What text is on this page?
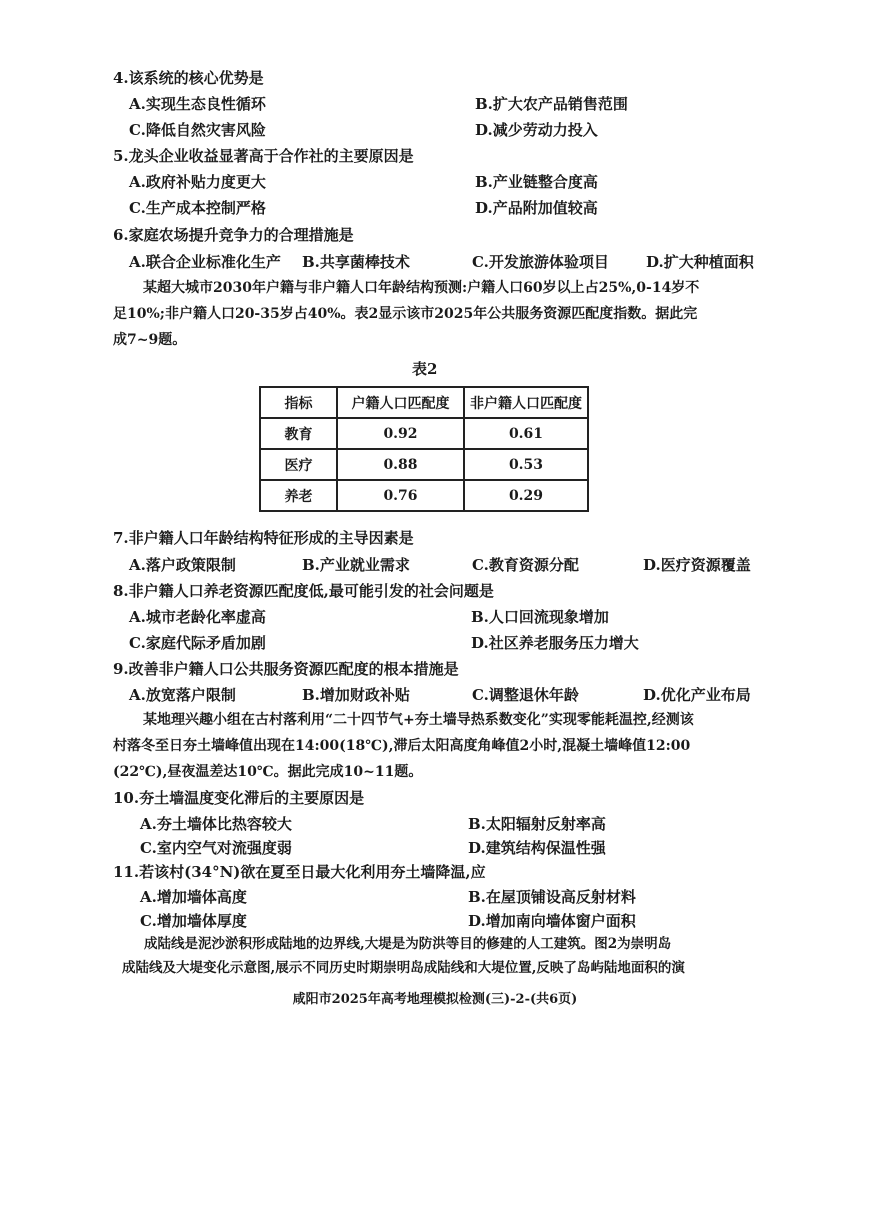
4.该系统的核心优势是
A.实现生态良性循环	B.扩大农产品销售范围
C.降低自然灾害风险	D.减少劳动力投入
5.龙头企业收益显著高于合作社的主要原因是
A.政府补贴力度更大	B.产业链整合度高
C.生产成本控制严格	D.产品附加值较高
6.家庭农场提升竞争力的合理措施是
A.联合企业标准化生产 B.共享菌棒技术	C.开发旅游体验项目 D.扩大种植面积

某超大城市2030年户籍与非户籍人口年龄结构预测:户籍人口60岁以上占25%,0-14岁不

足10%;非户籍人口20-35岁占40%。表2显示该市2025年公共服务资源匹配度指数。据此完

成7~9题。

表2
指标	户籍人口匹配度	非户籍人口匹配度
教育	0.92	0.61
医疗	0.88	0.53
养老	0.76	0.29
7.非户籍人口年龄结构特征形成的主导因素是
A.落户政策限制	B.产业就业需求	C.教育资源分配	D.医疗资源覆盖
8.非户籍人口养老资源匹配度低,最可能引发的社会问题是
A.城市老龄化率虚高	B.人口回流现象增加
C.家庭代际矛盾加剧	D.社区养老服务压力增大
9.改善非户籍人口公共服务资源匹配度的根本措施是
A.放宽落户限制	B.增加财政补贴	C.调整退休年龄	D.优化产业布局

某地理兴趣小组在古村落利用“二十四节气+夯土墙导热系数变化”实现零能耗温控,经测该

村落冬至日夯土墙峰值出现在14:00(18℃),滞后太阳高度角峰值2小时,混凝土墙峰值12:00

(22℃),昼夜温差达10℃。据此完成10~11题。

10.夯土墙温度变化滞后的主要原因是
A.夯土墙体比热容较大	B.太阳辐射反射率高
C.室内空气对流强度弱	D.建筑结构保温性强
11.若该村(34°N)欲在夏至日最大化利用夯土墙降温,应
A.增加墙体高度	B.在屋顶铺设高反射材料
C.增加墙体厚度	D.增加南向墙体窗户面积

成陆线是泥沙淤积形成陆地的边界线,大堤是为防洪等目的修建的人工建筑。图2为崇明岛

成陆线及大堤变化示意图,展示不同历史时期崇明岛成陆线和大堤位置,反映了岛屿陆地面积的演

咸阳市2025年高考地理模拟检测(三)-2-(共6页)
